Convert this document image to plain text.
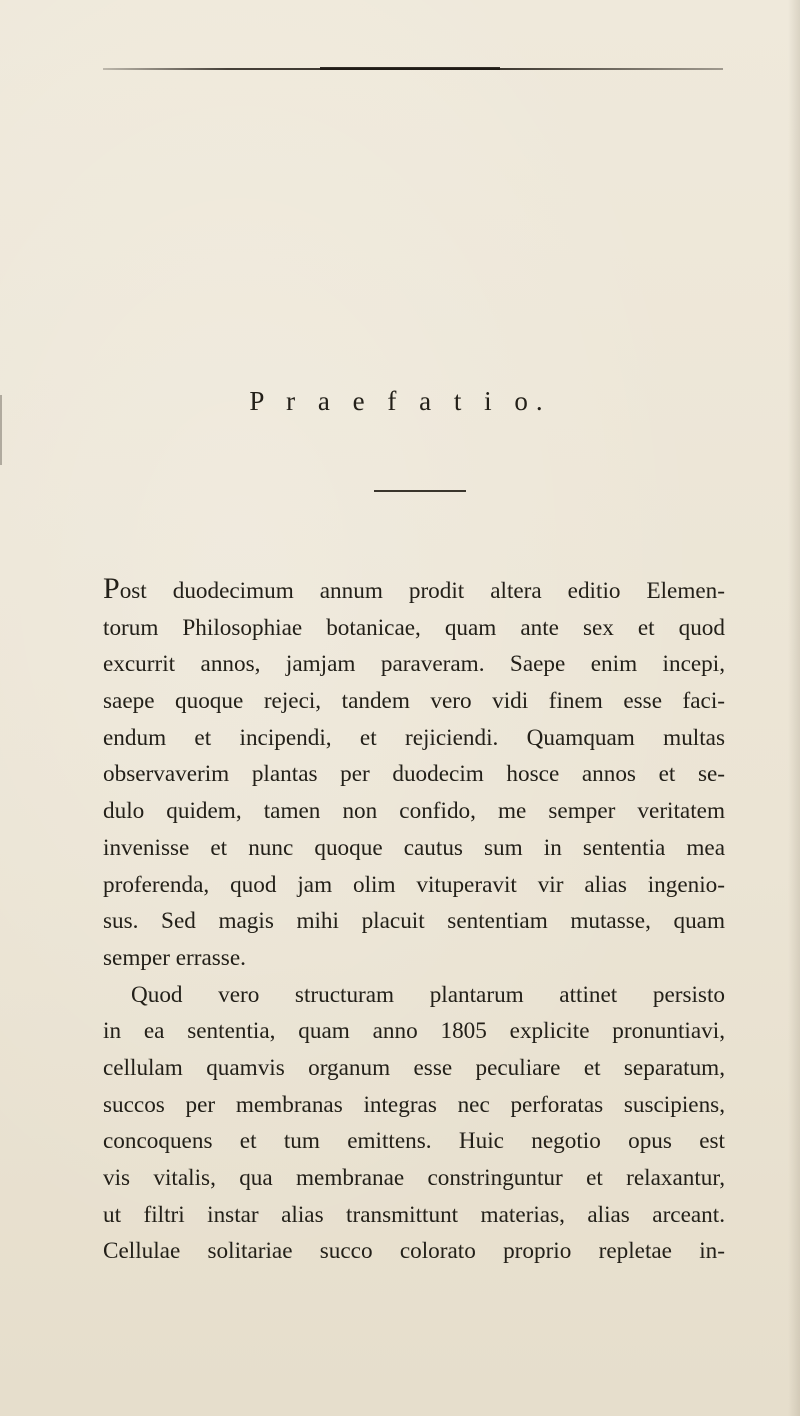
P r a e f a t i o.
Post duodecimum annum prodit altera editio Elemen-
torum Philosophiae botanicae, quam ante sex et quod
excurrit annos, jamjam paraveram. Saepe enim incepi,
saepe quoque rejeci, tandem vero vidi finem esse faci-
endum et incipendi, et rejiciendi. Quamquam multas
observaverim plantas per duodecim hosce annos et se-
dulo quidem, tamen non confido, me semper veritatem
invenisse et nunc quoque cautus sum in sententia mea
proferenda, quod jam olim vituperavit vir alias ingenio-
sus. Sed magis mihi placuit sententiam mutasse, quam
semper errasse.
Quod vero structuram plantarum attinet persisto
in ea sententia, quam anno 1805 explicite pronuntiavi,
cellulam quamvis organum esse peculiare et separatum,
succos per membranas integras nec perforatas suscipiens,
concoquens et tum emittens. Huic negotio opus est
vis vitalis, qua membranae constringuntur et relaxantur,
ut filtri instar alias transmittunt materias, alias arceant.
Cellulae solitariae succo colorato proprio repletae in-
